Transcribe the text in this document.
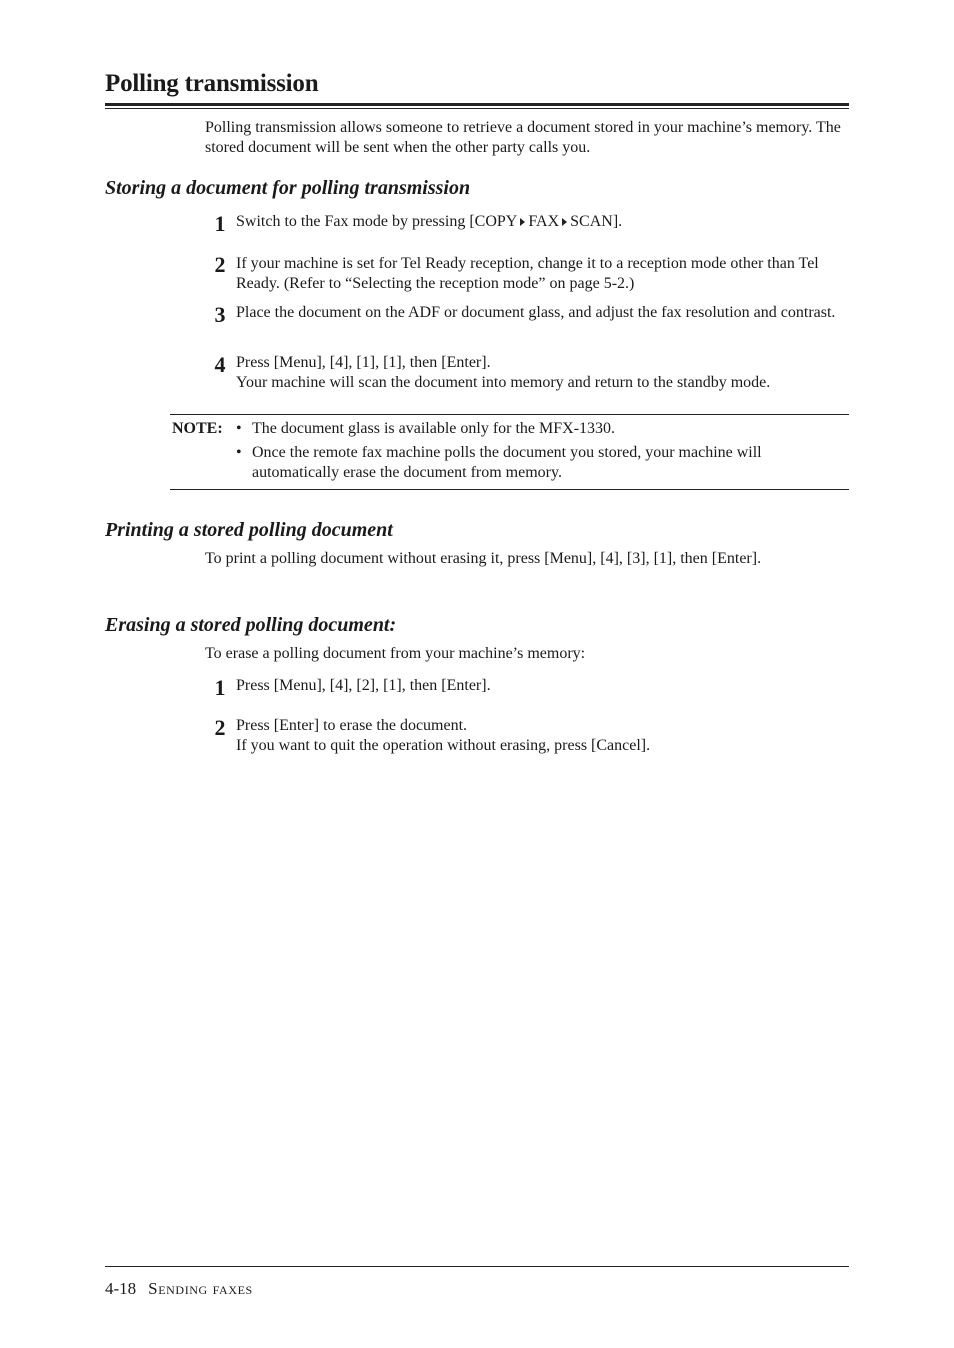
Polling transmission
Polling transmission allows someone to retrieve a document stored in your machine’s memory. The stored document will be sent when the other party calls you.
Storing a document for polling transmission
1 Switch to the Fax mode by pressing [COPY FAX SCAN].
2 If your machine is set for Tel Ready reception, change it to a reception mode other than Tel Ready. (Refer to “Selecting the reception mode” on page 5-2.)
3 Place the document on the ADF or document glass, and adjust the fax resolution and contrast.
4 Press [Menu], [4], [1], [1], then [Enter].
Your machine will scan the document into memory and return to the standby mode.
NOTE: • The document glass is available only for the MFX-1330.
• Once the remote fax machine polls the document you stored, your machine will automatically erase the document from memory.
Printing a stored polling document
To print a polling document without erasing it, press [Menu], [4], [3], [1], then [Enter].
Erasing a stored polling document:
To erase a polling document from your machine’s memory:
1 Press [Menu], [4], [2], [1], then [Enter].
2 Press [Enter] to erase the document.
If you want to quit the operation without erasing, press [Cancel].
4-18 Sending faxes
